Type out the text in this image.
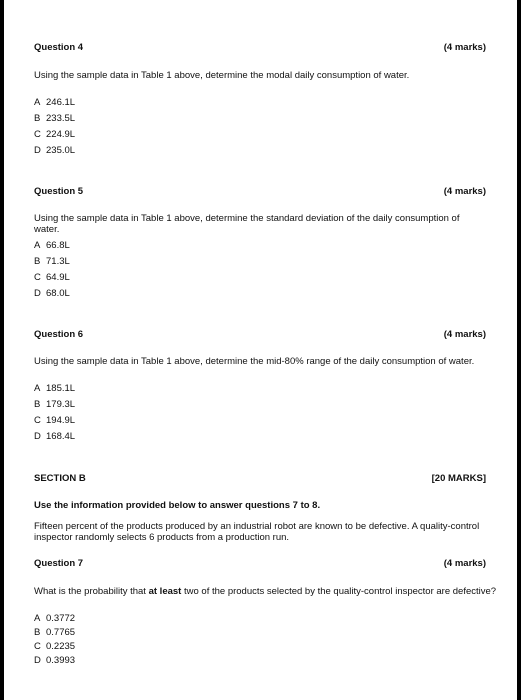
Question 4	(4 marks)
Using the sample data in Table 1 above, determine the modal daily consumption of water.
A 246.1L
B 233.5L
C 224.9L
D 235.0L
Question 5	(4 marks)
Using the sample data in Table 1 above, determine the standard deviation of the daily consumption of water.
A 66.8L
B 71.3L
C 64.9L
D 68.0L
Question 6	(4 marks)
Using the sample data in Table 1 above, determine the mid-80% range of the daily consumption of water.
A 185.1L
B 179.3L
C 194.9L
D 168.4L
SECTION B	[20 MARKS]
Use the information provided below to answer questions 7 to 8.
Fifteen percent of the products produced by an industrial robot are known to be defective. A quality-control inspector randomly selects 6 products from a production run.
Question 7	(4 marks)
What is the probability that at least two of the products selected by the quality-control inspector are defective?
A 0.3772
B 0.7765
C 0.2235
D 0.3993
